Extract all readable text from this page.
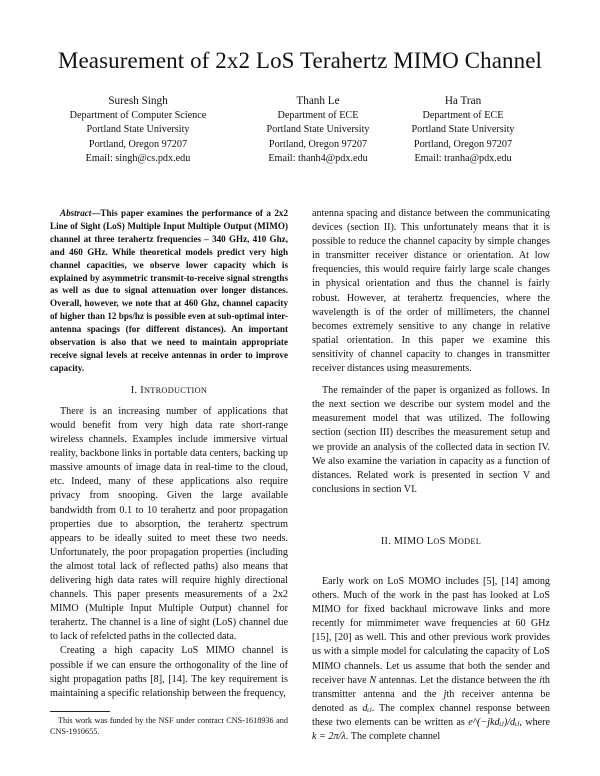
Measurement of 2x2 LoS Terahertz MIMO Channel
Suresh Singh
Department of Computer Science
Portland State University
Portland, Oregon 97207
Email: singh@cs.pdx.edu
Thanh Le
Department of ECE
Portland State University
Portland, Oregon 97207
Email: thanh4@pdx.edu
Ha Tran
Department of ECE
Portland State University
Portland, Oregon 97207
Email: tranha@pdx.edu

Abstract—This paper examines the performance of a 2x2 Line of Sight (LoS) Multiple Input Multiple Output (MIMO) channel at three terahertz frequencies – 340 GHz, 410 Ghz, and 460 GHz. While theoretical models predict very high channel capacities, we observe lower capacity which is explained by asymmetric transmit-to-receive signal strengths as well as due to signal attenuation over longer distances. Overall, however, we note that at 460 Ghz, channel capacity of higher than 12 bps/hz is possible even at sub-optimal inter-antenna spacings (for different distances). An important observation is also that we need to maintain appropriate receive signal levels at receive antennas in order to improve capacity.

I. INTRODUCTION

There is an increasing number of applications that would benefit from very high data rate short-range wireless channels. Examples include immersive virtual reality, backbone links in portable data centers, backing up massive amounts of image data in real-time to the cloud, etc. Indeed, many of these applications also require privacy from snooping. Given the large available bandwidth from 0.1 to 10 terahertz and poor propagation properties due to absorption, the terahertz spectrum appears to be ideally suited to meet these two needs. Unfortunately, the poor propagation properties (including the almost total lack of reflected paths) also means that delivering high data rates will require highly directional channels. This paper presents measurements of a 2x2 MIMO (Multiple Input Multiple Output) channel for terahertz. The channel is a line of sight (LoS) channel due to lack of refelcted paths in the collected data.

Creating a high capacity LoS MIMO channel is possible if we can ensure the orthogonality of the line of sight propagation paths [8], [14]. The key requirement is maintaining a specific relationship between the frequency,

This work was funded by the NSF under contract CNS-1618936 and CNS-1910655.

antenna spacing and distance between the communicating devices (section II). This unfortunately means that it is possible to reduce the channel capacity by simple changes in transmitter receiver distance or orientation. At low frequencies, this would require fairly large scale changes in physical orientation and thus the channel is fairly robust. However, at terahertz frequencies, where the wavelength is of the order of millimeters, the channel becomes extremely sensitive to any change in relative spatial orientation. In this paper we examine this sensitivity of channel capacity to changes in transmitter receiver distances using measurements.

The remainder of the paper is organized as follows. In the next section we describe our system model and the measurement model that was utilized. The following section (section III) describes the measurement setup and we provide an analysis of the collected data in section IV. We also examine the variation in capacity as a function of distances. Related work is presented in section V and conclusions in section VI.

II. MIMO LOS MODEL

Early work on LoS MOMO includes [5], [14] among others. Much of the work in the past has looked at LoS MIMO for fixed backhaul microwave links and more recently for mimmimeter wave frequencies at 60 GHz [15], [20] as well. This and other previous work provides us with a simple model for calculating the capacity of LoS MIMO channels. Let us assume that both the sender and receiver have N antennas. Let the distance between the ith transmitter antenna and the jth receiver antenna be denoted as dᵢⱼ. The complex channel response between these two elements can be written as e^(−jkdᵢⱼ)/dᵢⱼ, where k = 2π/λ. The complete channel
